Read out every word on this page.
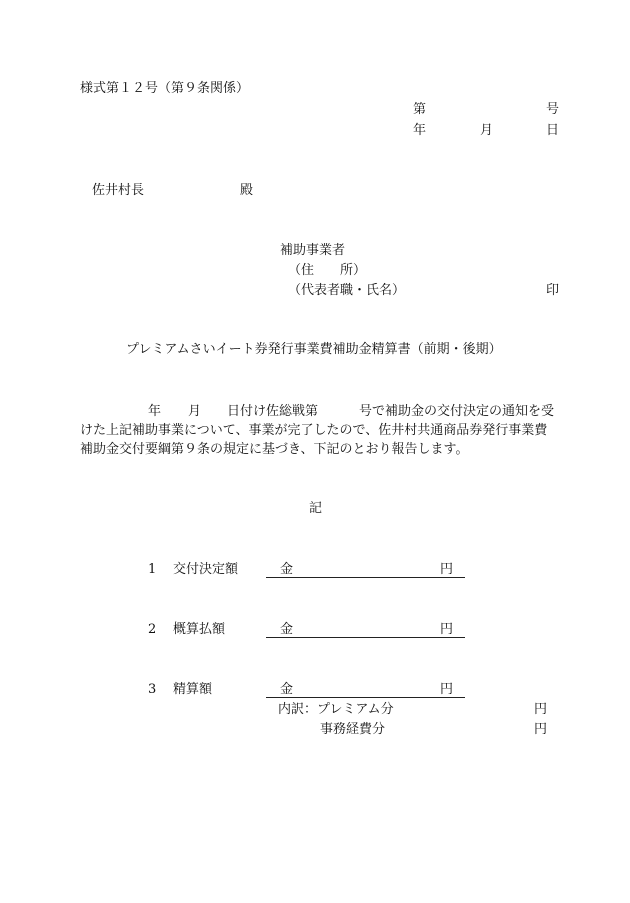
様式第１２号（第９条関係）
第	号
年	月	日
佐井村長	殿
補助事業者
（住　　所）
（代表者職・氏名）	印
プレミアムさいイート券発行事業費補助金精算書（前期・後期）
年 月 日付け佐総戦第	号で補助金の交付決定の通知を受
けた上記補助事業について、事業が完了したので、佐井村共通商品券発行事業費
補助金交付要綱第９条の規定に基づき、下記のとおり報告します。
記
1 交付決定額	金	円
2 概算払額	金	円
3 精算額	金	円
内訳：プレミアム分	円
事務経費分	円
